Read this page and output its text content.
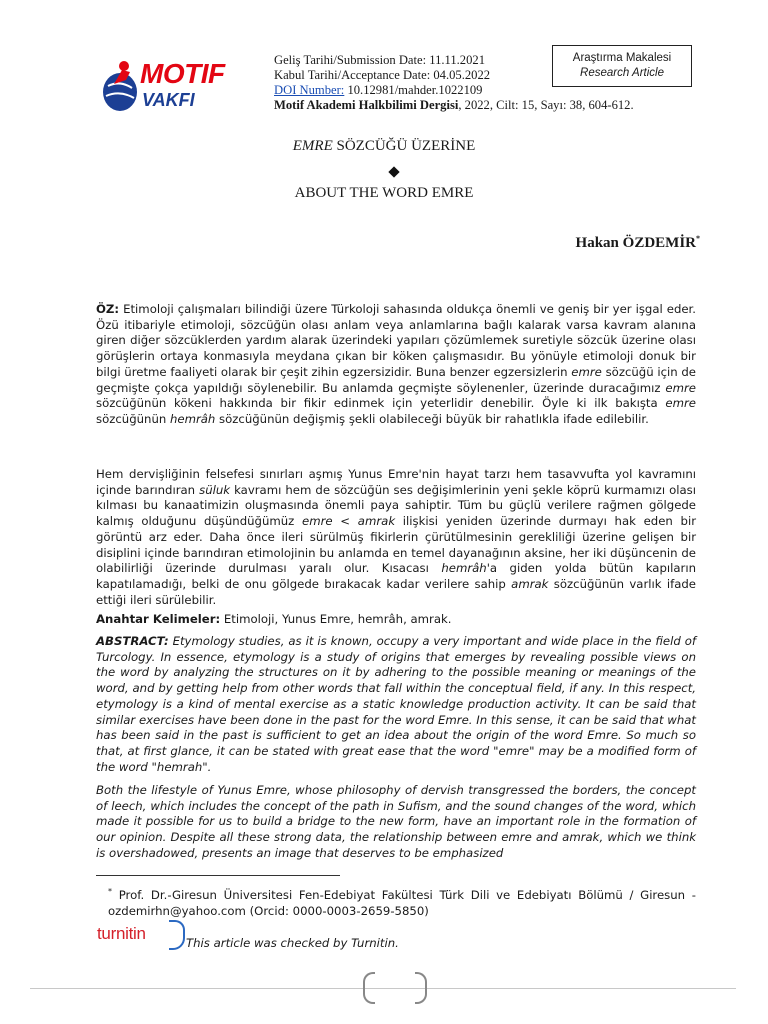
MOTIF
VAKFI
Geliş Tarihi/Submission Date: 11.11.2021
Kabul Tarihi/Acceptance Date: 04.05.2022
DOI Number: 10.12981/mahder.1022109
Motif Akademi Halkbilimi Dergisi, 2022, Cilt: 15, Sayı: 38, 604-612.
Araştırma Makalesi
Research Article
EMRE SÖZCÜĞÜ ÜZERİNE
ABOUT THE WORD EMRE
Hakan ÖZDEMİR*

ÖZ: Etimoloji çalışmaları bilindiği üzere Türkoloji sahasında oldukça önemli ve geniş bir yer işgal eder. Özü itibariyle etimoloji, sözcüğün olası anlam veya anlamlarına bağlı kalarak varsa kavram alanına giren diğer sözcüklerden yardım alarak üzerindeki yapıları çözümlemek suretiyle sözcük üzerine olası görüşlerin ortaya konmasıyla meydana çıkan bir köken çalışmasıdır. Bu yönüyle etimoloji donuk bir bilgi üretme faaliyeti olarak bir çeşit zihin egzersizidir. Buna benzer egzersizlerin emre sözcüğü için de geçmişte çokça yapıldığı söylenebilir. Bu anlamda geçmişte söylenenler, üzerinde duracağımız emre sözcüğünün kökeni hakkında bir fikir edinmek için yeterlidir denebilir. Öyle ki ilk bakışta emre sözcüğünün hemrâh sözcüğünün değişmiş şekli olabileceği büyük bir rahatlıkla ifade edilebilir.

Hem dervişliğinin felsefesi sınırları aşmış Yunus Emre'nin hayat tarzı hem tasavvufta yol kavramını içinde barındıran süluk kavramı hem de sözcüğün ses değişimlerinin yeni şekle köprü kurmamızı olası kılması bu kanaatimizin oluşmasında önemli paya sahiptir. Tüm bu güçlü verilere rağmen gölgede kalmış olduğunu düşündüğümüz emre < amrak ilişkisi yeniden üzerinde durmayı hak eden bir görüntü arz eder. Daha önce ileri sürülmüş fikirlerin çürütülmesinin gerekliliği üzerine gelişen bir disiplini içinde barındıran etimolojinin bu anlamda en temel dayanağının aksine, her iki düşüncenin de olabilirliği üzerinde durulması yaralı olur. Kısacası hemrâh'a giden yolda bütün kapıların kapatılamadığı, belki de onu gölgede bırakacak kadar verilere sahip amrak sözcüğünün varlık ifade ettiği ileri sürülebilir.

Anahtar Kelimeler: Etimoloji, Yunus Emre, hemrâh, amrak.

ABSTRACT: Etymology studies, as it is known, occupy a very important and wide place in the field of Turcology. In essence, etymology is a study of origins that emerges by revealing possible views on the word by analyzing the structures on it by adhering to the possible meaning or meanings of the word, and by getting help from other words that fall within the conceptual field, if any. In this respect, etymology is a kind of mental exercise as a static knowledge production activity. It can be said that similar exercises have been done in the past for the word Emre. In this sense, it can be said that what has been said in the past is sufficient to get an idea about the origin of the word Emre. So much so that, at first glance, it can be stated with great ease that the word "emre" may be a modified form of the word "hemrah".

Both the lifestyle of Yunus Emre, whose philosophy of dervish transgressed the borders, the concept of leech, which includes the concept of the path in Sufism, and the sound changes of the word, which made it possible for us to build a bridge to the new form, have an important role in the formation of our opinion. Despite all these strong data, the relationship between emre and amrak, which we think is overshadowed, presents an image that deserves to be emphasized

* Prof. Dr.-Giresun Üniversitesi Fen-Edebiyat Fakültesi Türk Dili ve Edebiyatı Bölümü / Giresun - ozdemirhn@yahoo.com (Orcid: 0000-0003-2659-5850)
turnitin	This article was checked by Turnitin.
